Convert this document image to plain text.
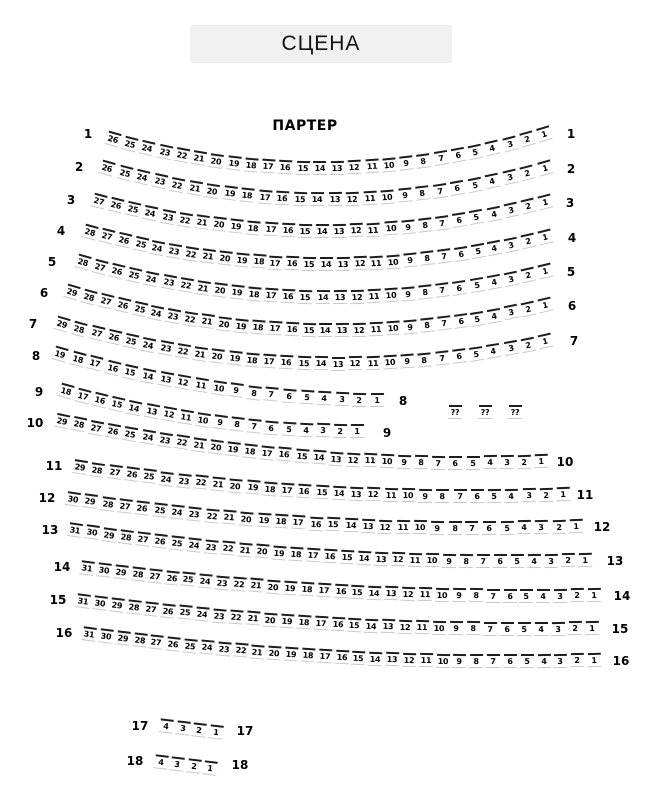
СЦЕНА
ПАРТЕР
1	1
26 25 24 23 22 21 20 19 18 17 16 15 14 13 12 11 10	9	8	7	6	5	4	3	2	1
2	2
26 25 24 23 22 21 20 19 18 17 16 15 14 13 12 11 10	9	8	7	6	5	4	3	2	1
3	3
27 26 25 24 23 22 21 20 19 18 17 16 15 14 13 12 11 10	9	8	7	6	5	4	3	2	1
4	4
28 27 26 25 24 23 22 21 20 19 18 17 16 15 14 13 12 11 10	9	8	7	6	5	4	3	2	1
5
5
28 27 26 25 24 23 22 21 20 19 18 17 16 15 14 13 12 11 10	9	8	7	6	5	4	3	2	1
6
6
29 28 27 26 25 24 23 22 21 20 19 18 17 16 15 14 13 12 11 10	9	8	7	6	5	4	3	2	1
7
7
29 28 27 26 25 24 23 22 21 20 19 18 17 16 15 14 13 12 11 10	9	8	7	6	5	4	3	2	1
8
8
19 18 17 16 15 14 13 12 11 10	9	8	7	6	5	4	3	2	1
9
9
18 17 16 15 14 13 12 11 10	9	8	7	6	5	4	3	2	1
10
10
29 28 27 26 25 24 23 22 21 20 19 18 17 16 15 14 13 12 11 10	9	8	7	6	5	4	3	2	1
11
11
29 28 27 26 25 24 23 22 21 20 19 18 17 16 15 14 13 12 11 10	9	8	7	6	5	4	3	2	1
12
12
30 29 28 27 26 25 24 23 22 21 20 19 18 17 16 15 14 13 12 11 10	9	8	7	6	5	4	3	2	1
13
13
31 30 29 28 27 26 25 24 23 22 21 20 19 18 17 16 15 14 13 12 11 10	9	8	7	6	5	4	3	2	1
14
14
31 30 29 28 27 26 25 24 23 22 21 20 19 18 17 16 15 14 13 12 11 10	9	8	7	6	5	4	3	2	1
15
15
31 30 29 28 27 26 25 24 23 22 21 20 19 18 17 16 15 14 13 12 11 10	9	8	7	6	5	4	3	2	1
16
16
31 30 29 28 27 26 25 24 23 22 21 20 19 18 17 16 15 14 13 12 11 10	9	8	7	6	5	4	3	2	1
17	17
4	3	2	1
18	18
4	3	2	1
??	??	??
